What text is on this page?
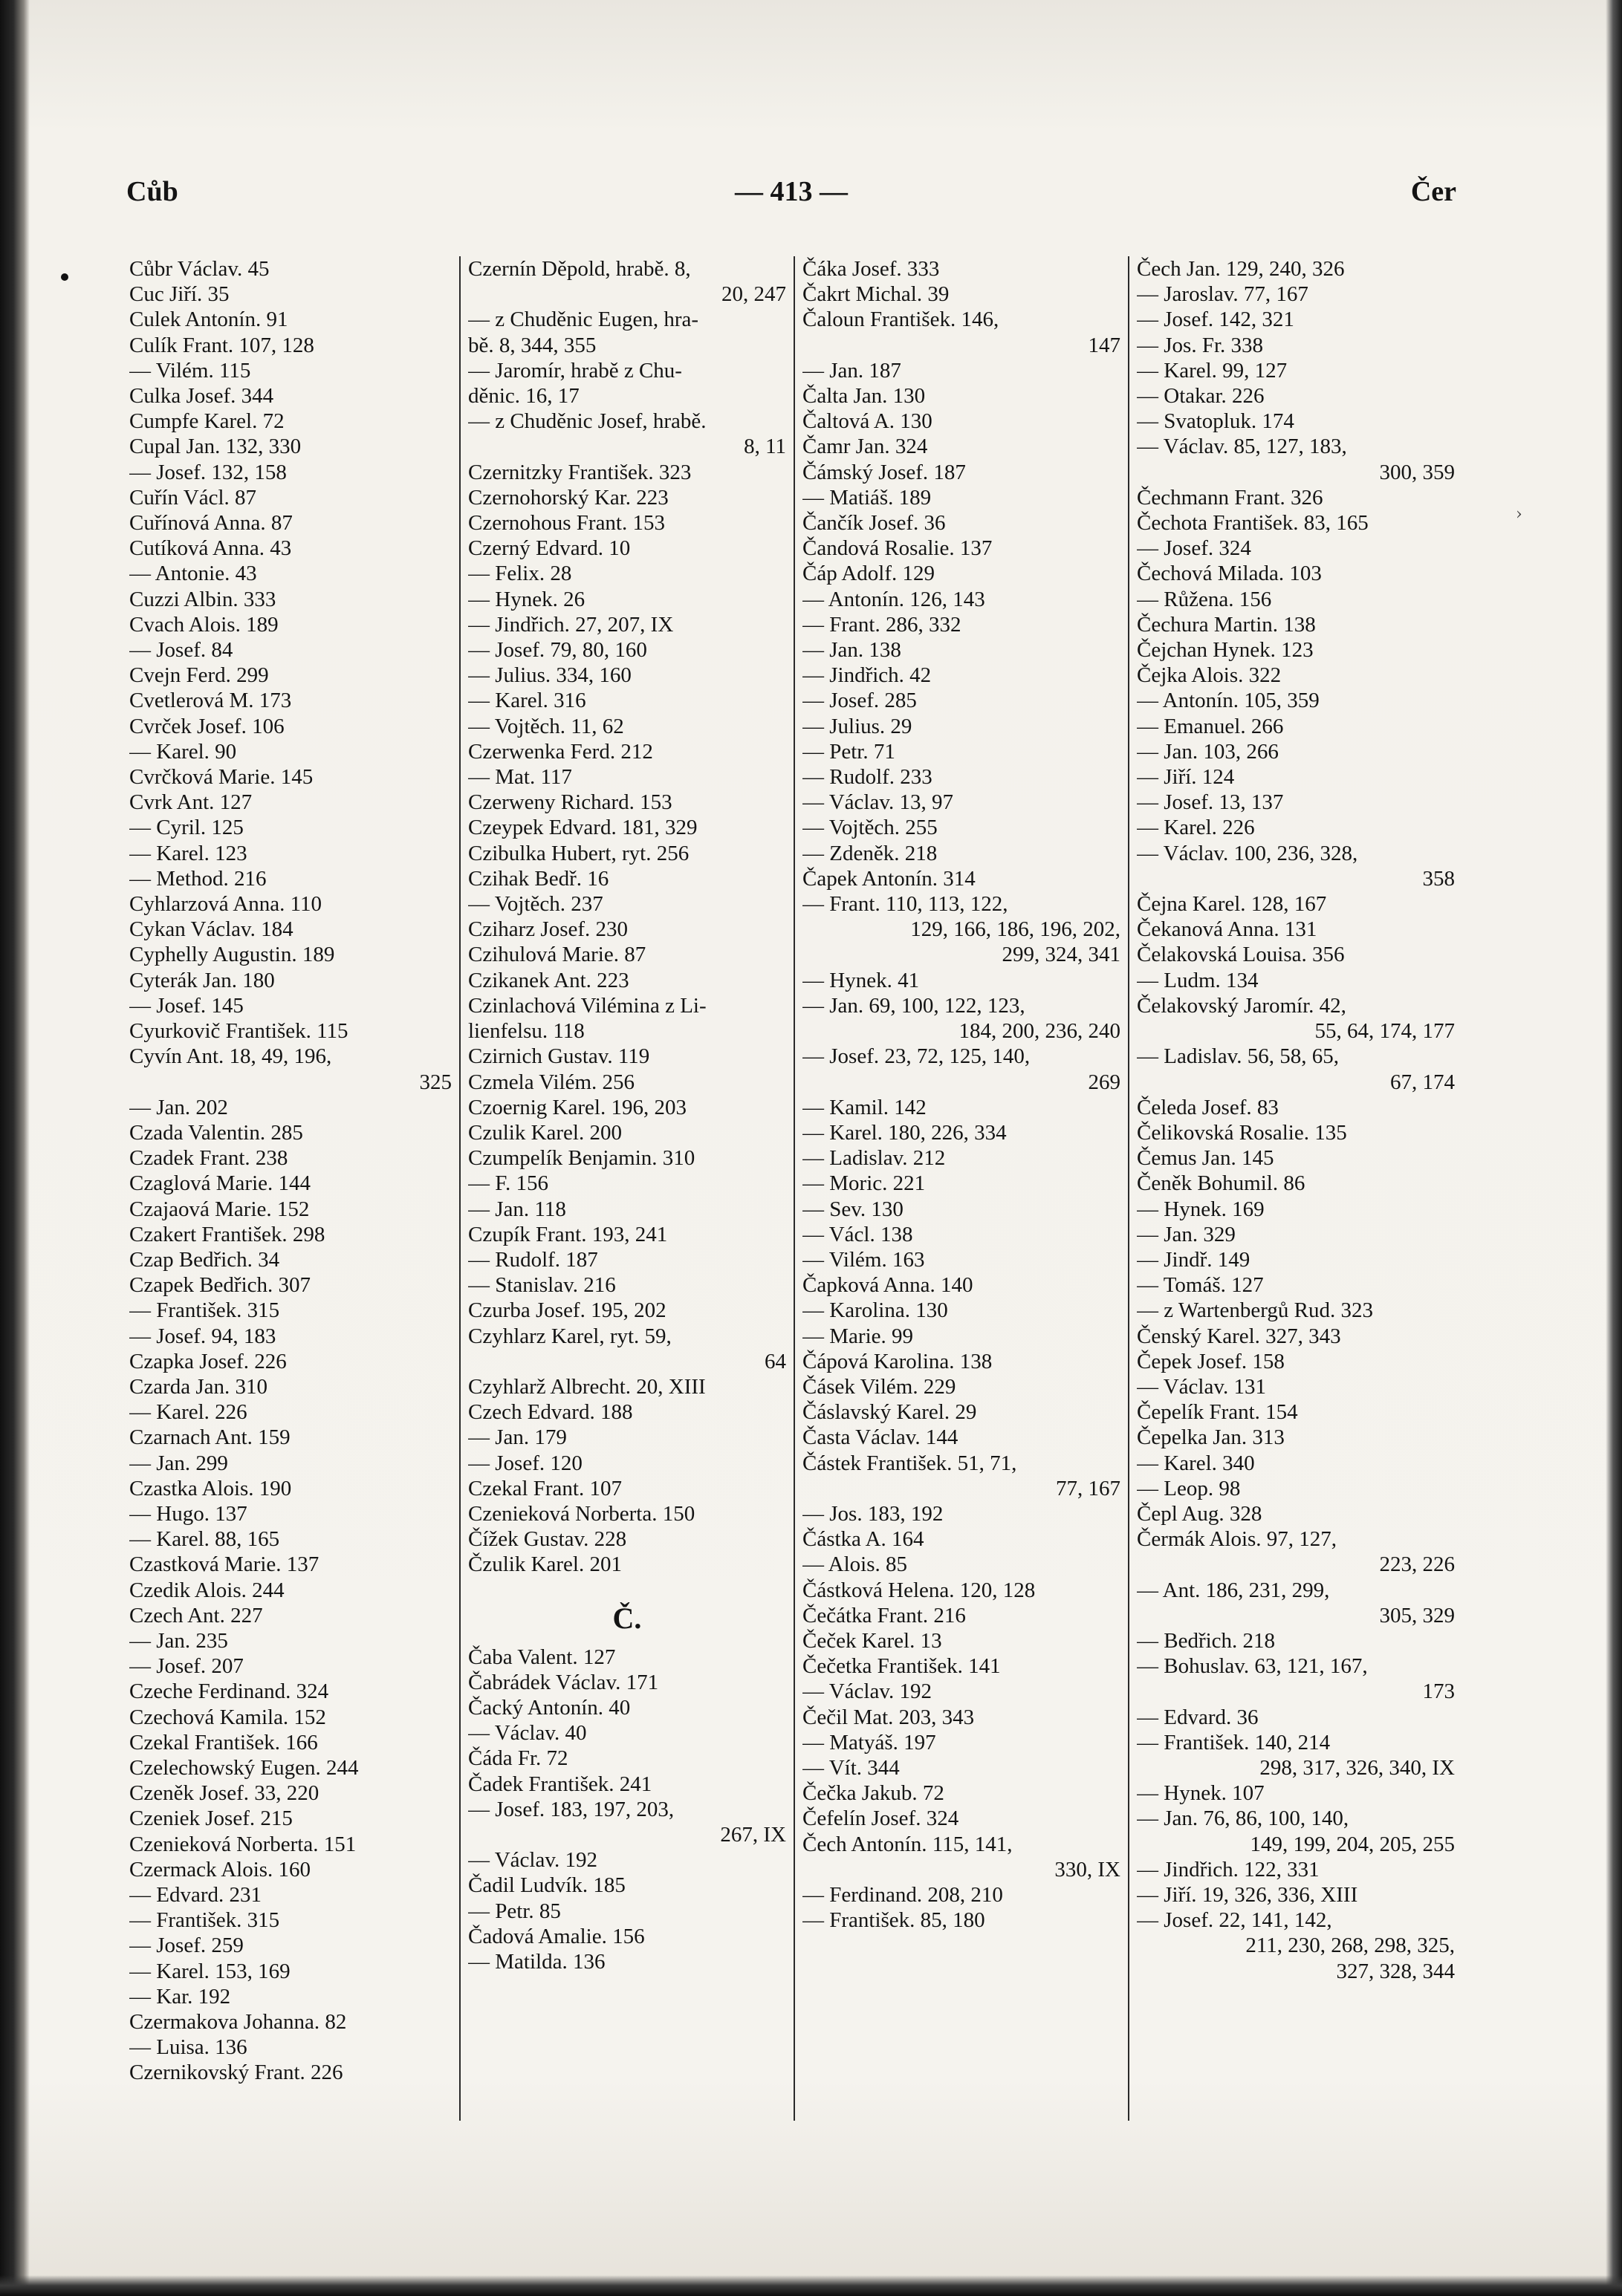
›
Cůb	— 413 —	Čer
Cůbr Václav. 45
Cuc Jiří. 35
Culek Antonín. 91
Culík Frant. 107, 128
— Vilém. 115
Culka Josef. 344
Cumpfe Karel. 72
Cupal Jan. 132, 330
— Josef. 132, 158
Cuřín Václ. 87
Cuřínová Anna. 87
Cutíková Anna. 43
— Antonie. 43
Cuzzi Albin. 333
Cvach Alois. 189
— Josef. 84
Cvejn Ferd. 299
Cvetlerová M. 173
Cvrček Josef. 106
— Karel. 90
Cvrčková Marie. 145
Cvrk Ant. 127
— Cyril. 125
— Karel. 123
— Method. 216
Cyhlarzová Anna. 110
Cykan Václav. 184
Cyphelly Augustin. 189
Cyterák Jan. 180
— Josef. 145
Cyurkovič František. 115
Cyvín Ant. 18, 49, 196,
325
— Jan. 202
Czada Valentin. 285
Czadek Frant. 238
Czaglová Marie. 144
Czajaová Marie. 152
Czakert František. 298
Czap Bedřich. 34
Czapek Bedřich. 307
— František. 315
— Josef. 94, 183
Czapka Josef. 226
Czarda Jan. 310
— Karel. 226
Czarnach Ant. 159
— Jan. 299
Czastka Alois. 190
— Hugo. 137
— Karel. 88, 165
Czastková Marie. 137
Czedik Alois. 244
Czech Ant. 227
— Jan. 235
— Josef. 207
Czeche Ferdinand. 324
Czechová Kamila. 152
Czekal František. 166
Czelechowský Eugen. 244
Czeněk Josef. 33, 220
Czeniek Josef. 215
Czenieková Norberta. 151
Czermack Alois. 160
— Edvard. 231
— František. 315
— Josef. 259
— Karel. 153, 169
— Kar. 192
Czermakova Johanna. 82
— Luisa. 136
Czernikovský Frant. 226
Czernín Děpold, hrabě. 8,
20, 247
— z Chuděnic Eugen, hra-
bě. 8, 344, 355
— Jaromír, hrabě z Chu-
děnic. 16, 17
— z Chuděnic Josef, hrabě.
8, 11
Czernitzky František. 323
Czernohorský Kar. 223
Czernohous Frant. 153
Czerný Edvard. 10
— Felix. 28
— Hynek. 26
— Jindřich. 27, 207, IX
— Josef. 79, 80, 160
— Julius. 334, 160
— Karel. 316
— Vojtěch. 11, 62
Czerwenka Ferd. 212
— Mat. 117
Czerweny Richard. 153
Czeypek Edvard. 181, 329
Czibulka Hubert, ryt. 256
Czihak Bedř. 16
— Vojtěch. 237
Cziharz Josef. 230
Czihulová Marie. 87
Czikanek Ant. 223
Czinlachová Vilémina z Li-
lienfelsu. 118
Czirnich Gustav. 119
Czmela Vilém. 256
Czoernig Karel. 196, 203
Czulik Karel. 200
Czumpelík Benjamin. 310
— F. 156
— Jan. 118
Czupík Frant. 193, 241
— Rudolf. 187
— Stanislav. 216
Czurba Josef. 195, 202
Czyhlarz Karel, ryt. 59,
64
Czyhlarž Albrecht. 20, XIII
Czech Edvard. 188
— Jan. 179
— Josef. 120
Czekal Frant. 107
Czenieková Norberta. 150
Čížek Gustav. 228
Čzulik Karel. 201
Č.
Čaba Valent. 127
Čabrádek Václav. 171
Čacký Antonín. 40
— Václav. 40
Čáda Fr. 72
Čadek František. 241
— Josef. 183, 197, 203,
267, IX
— Václav. 192
Čadil Ludvík. 185
— Petr. 85
Čadová Amalie. 156
— Matilda. 136
Čáka Josef. 333
Čakrt Michal. 39
Čaloun František. 146,
147
— Jan. 187
Čalta Jan. 130
Čaltová A. 130
Čamr Jan. 324
Čámský Josef. 187
— Matiáš. 189
Čančík Josef. 36
Čandová Rosalie. 137
Čáp Adolf. 129
— Antonín. 126, 143
— Frant. 286, 332
— Jan. 138
— Jindřich. 42
— Josef. 285
— Julius. 29
— Petr. 71
— Rudolf. 233
— Václav. 13, 97
— Vojtěch. 255
— Zdeněk. 218
Čapek Antonín. 314
— Frant. 110, 113, 122,
129, 166, 186, 196, 202,
299, 324, 341
— Hynek. 41
— Jan. 69, 100, 122, 123,
184, 200, 236, 240
— Josef. 23, 72, 125, 140,
269
— Kamil. 142
— Karel. 180, 226, 334
— Ladislav. 212
— Moric. 221
— Sev. 130
— Václ. 138
— Vilém. 163
Čapková Anna. 140
— Karolina. 130
— Marie. 99
Čápová Karolina. 138
Čásek Vilém. 229
Čáslavský Karel. 29
Časta Václav. 144
Částek František. 51, 71,
77, 167
— Jos. 183, 192
Částka A. 164
— Alois. 85
Částková Helena. 120, 128
Čečátka Frant. 216
Čeček Karel. 13
Čečetka František. 141
— Václav. 192
Čečil Mat. 203, 343
— Matyáš. 197
— Vít. 344
Čečka Jakub. 72
Čefelín Josef. 324
Čech Antonín. 115, 141,
330, IX
— Ferdinand. 208, 210
— František. 85, 180
Čech Jan. 129, 240, 326
— Jaroslav. 77, 167
— Josef. 142, 321
— Jos. Fr. 338
— Karel. 99, 127
— Otakar. 226
— Svatopluk. 174
— Václav. 85, 127, 183,
300, 359
Čechmann Frant. 326
Čechota František. 83, 165
— Josef. 324
Čechová Milada. 103
— Růžena. 156
Čechura Martin. 138
Čejchan Hynek. 123
Čejka Alois. 322
— Antonín. 105, 359
— Emanuel. 266
— Jan. 103, 266
— Jiří. 124
— Josef. 13, 137
— Karel. 226
— Václav. 100, 236, 328,
358
Čejna Karel. 128, 167
Čekanová Anna. 131
Čelakovská Louisa. 356
— Ludm. 134
Čelakovský Jaromír. 42,
55, 64, 174, 177
— Ladislav. 56, 58, 65,
67, 174
Čeleda Josef. 83
Čelikovská Rosalie. 135
Čemus Jan. 145
Čeněk Bohumil. 86
— Hynek. 169
— Jan. 329
— Jindř. 149
— Tomáš. 127
— z Wartenbergů Rud. 323
Čenský Karel. 327, 343
Čepek Josef. 158
— Václav. 131
Čepelík Frant. 154
Čepelka Jan. 313
— Karel. 340
— Leop. 98
Čepl Aug. 328
Čermák Alois. 97, 127,
223, 226
— Ant. 186, 231, 299,
305, 329
— Bedřich. 218
— Bohuslav. 63, 121, 167,
173
— Edvard. 36
— František. 140, 214
298, 317, 326, 340, IX
— Hynek. 107
— Jan. 76, 86, 100, 140,
149, 199, 204, 205, 255
— Jindřich. 122, 331
— Jiří. 19, 326, 336, XIII
— Josef. 22, 141, 142,
211, 230, 268, 298, 325,
327, 328, 344
